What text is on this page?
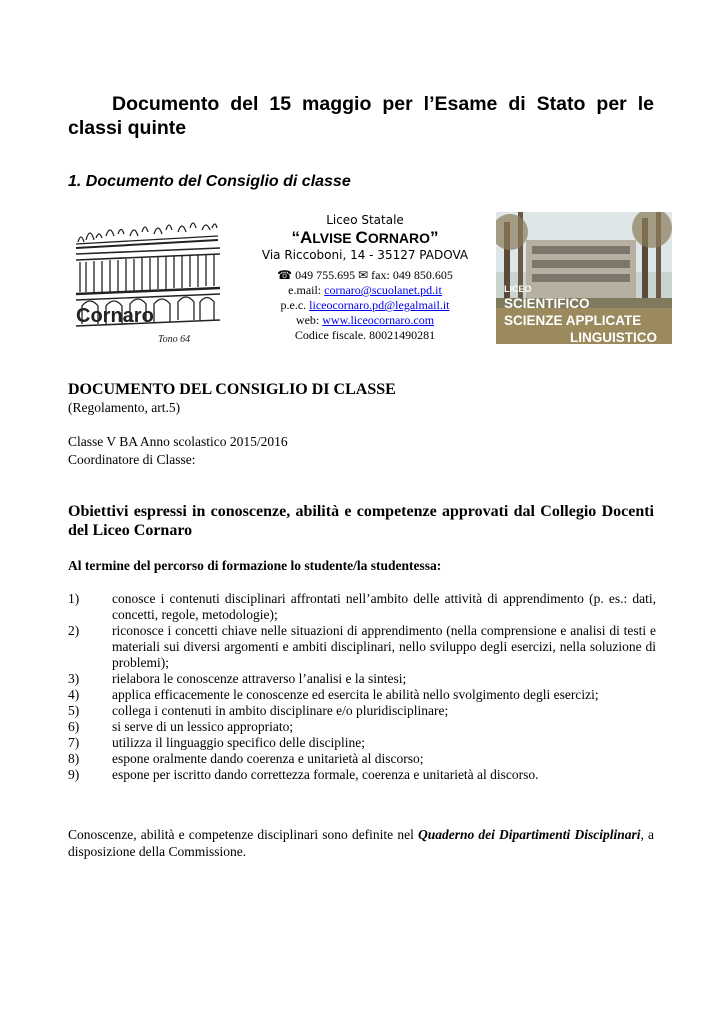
Documento del 15 maggio per l’Esame di Stato per le classi quinte
1. Documento del Consiglio di classe
Cornaro
Tono 64
Liceo Statale
“ALVISE CORNARO”
Via Riccoboni, 14 - 35127 PADOVA
☎ 049 755.695 ✉ fax: 049 850.605
e.mail: cornaro@scuolanet.pd.it
p.e.c. liceocornaro.pd@legalmail.it
web: www.liceocornaro.com
Codice fiscale. 80021490281
LICEO
SCIENTIFICO
SCIENZE APPLICATE
LINGUISTICO
DOCUMENTO DEL CONSIGLIO DI CLASSE
(Regolamento, art.5)
Classe V BA Anno scolastico 2015/2016
Coordinatore di Classe:
Obiettivi espressi in conoscenze, abilità e competenze approvati dal Collegio Docenti del Liceo Cornaro
Al termine del percorso di formazione lo studente/la studentessa:
1)	conosce i contenuti disciplinari affrontati nell’ambito delle attività di apprendimento (p. es.: dati, concetti, regole, metodologie);
2)	riconosce i concetti chiave nelle situazioni di apprendimento (nella comprensione e analisi di testi e materiali sui diversi argomenti e ambiti disciplinari, nello sviluppo degli esercizi, nella soluzione di problemi);
3)	rielabora le conoscenze attraverso l’analisi e la sintesi;
4)	applica efficacemente le conoscenze ed esercita le abilità nello svolgimento degli esercizi;
5)	collega i contenuti in ambito disciplinare e/o pluridisciplinare;
6)	si serve di un lessico appropriato;
7)	utilizza il linguaggio specifico delle discipline;
8)	espone oralmente dando coerenza e unitarietà al discorso;
9)	espone per iscritto dando correttezza formale, coerenza e unitarietà al discorso.
Conoscenze, abilità e competenze disciplinari sono definite nel Quaderno dei Dipartimenti Disciplinari, a disposizione della Commissione.
